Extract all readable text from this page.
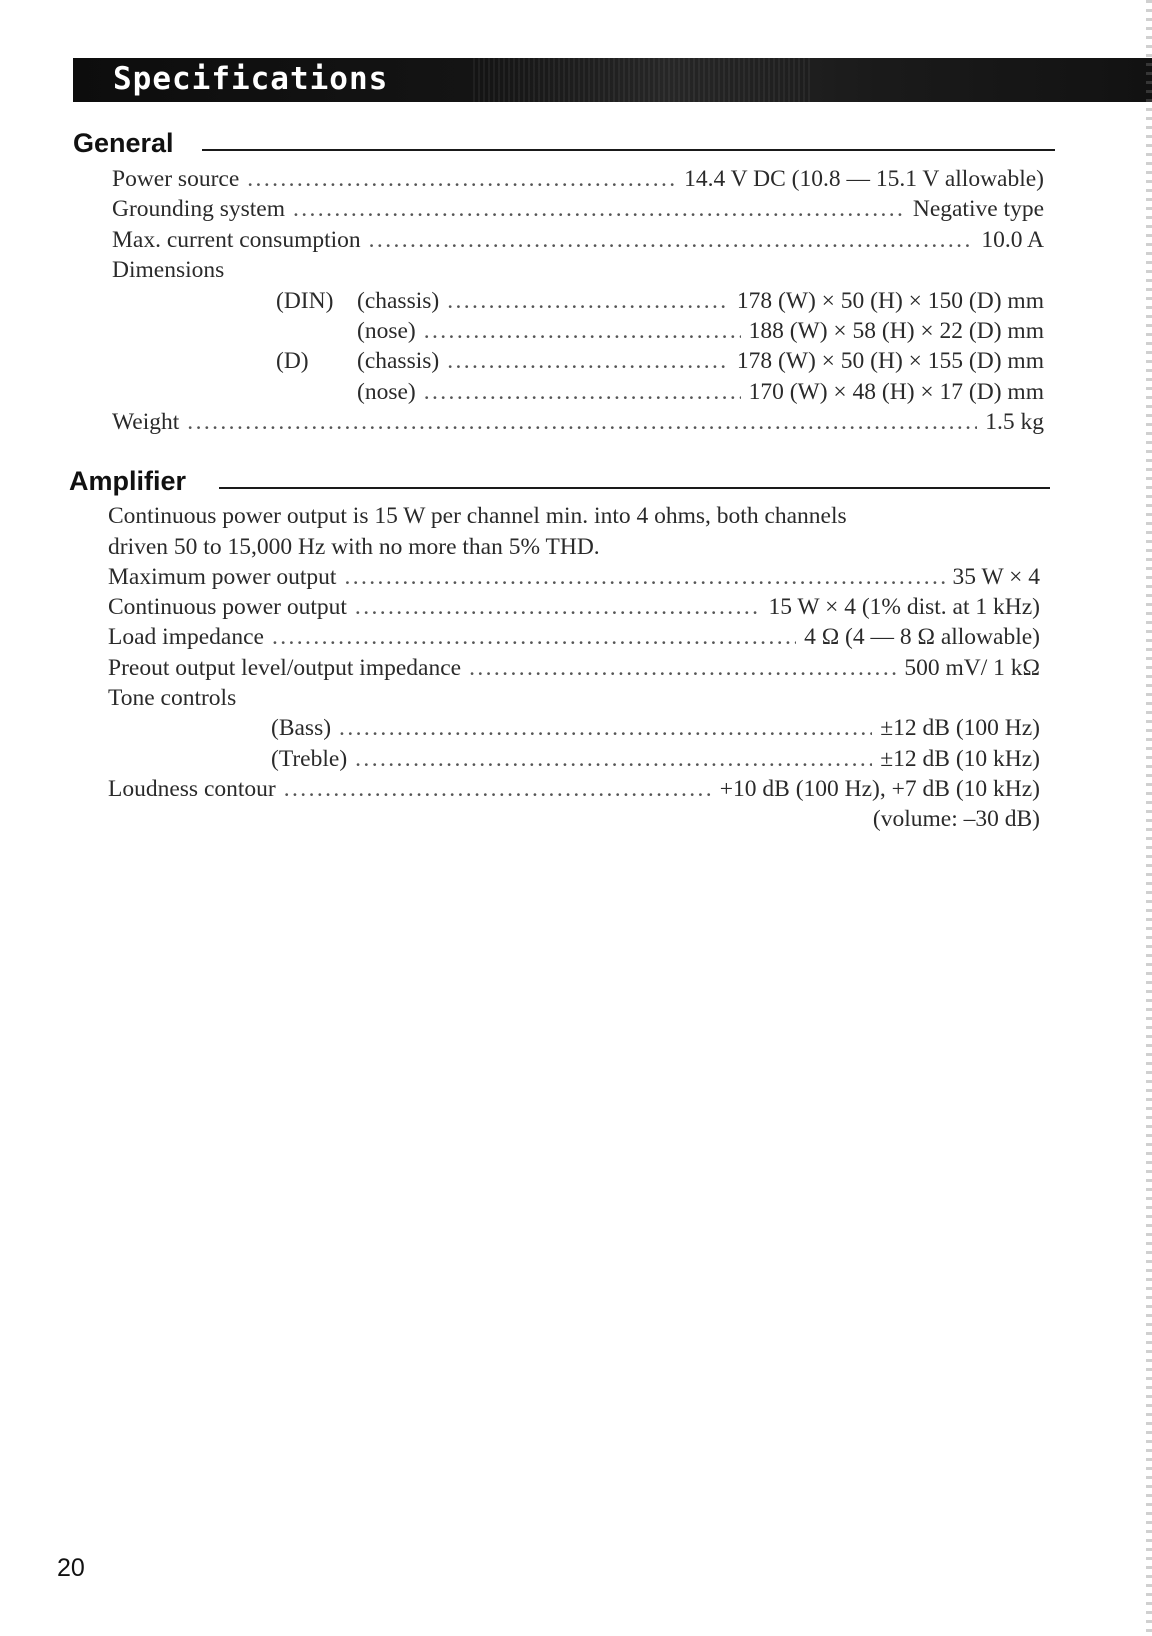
Specifications
General
Power source .....	14.4 V DC (10.8 — 15.1 V allowable)
Grounding system .....	Negative type
Max. current consumption .....	10.0 A
Dimensions
(DIN) (chassis) .....	178 (W) × 50 (H) × 150 (D) mm
(nose) .....	188 (W) × 58 (H) × 22 (D) mm
(D) (chassis) .....	178 (W) × 50 (H) × 155 (D) mm
(nose) .....	170 (W) × 48 (H) × 17 (D) mm
Weight .....	1.5 kg
Amplifier
Continuous power output is 15 W per channel min. into 4 ohms, both channels
driven 50 to 15,000 Hz with no more than 5% THD.
Maximum power output .....	35 W × 4
Continuous power output .....	15 W × 4 (1% dist. at 1 kHz)
Load impedance .....	4 Ω (4 — 8 Ω allowable)
Preout output level/output impedance .....	500 mV/ 1 kΩ
Tone controls
(Bass) .....	±12 dB (100 Hz)
(Treble) .....	±12 dB (10 kHz)
Loudness contour .....	+10 dB (100 Hz), +7 dB (10 kHz)
(volume: –30 dB)
20
